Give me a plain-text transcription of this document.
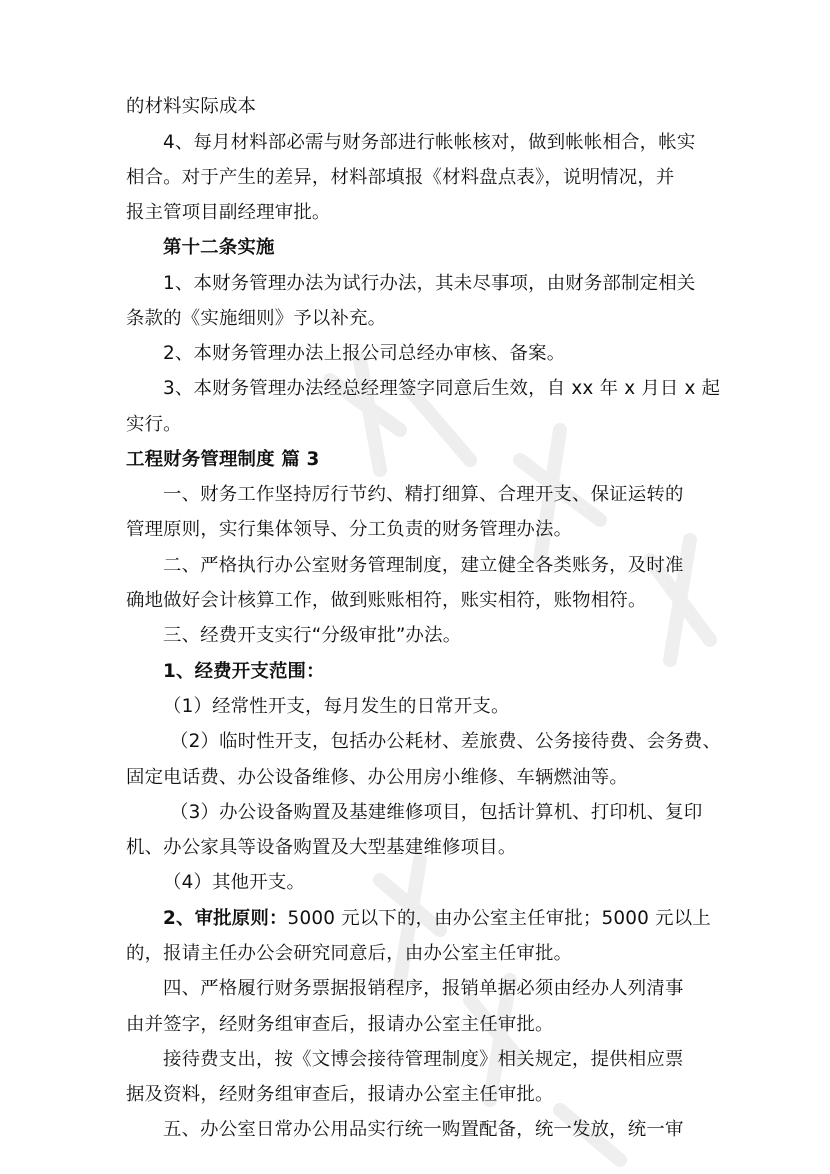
的材料实际成本
4、每月材料部必需与财务部进行帐帐核对，做到帐帐相合，帐实
相合。对于产生的差异，材料部填报《材料盘点表》，说明情况，并
报主管项目副经理审批。
第十二条实施
1、本财务管理办法为试行办法，其未尽事项，由财务部制定相关
条款的《实施细则》予以补充。
2、本财务管理办法上报公司总经办审核、备案。
3、本财务管理办法经总经理签字同意后生效，自 xx 年 x 月日 x 起
实行。
工程财务管理制度 篇 3
一、财务工作坚持厉行节约、精打细算、合理开支、保证运转的
管理原则，实行集体领导、分工负责的财务管理办法。
二、严格执行办公室财务管理制度，建立健全各类账务，及时准
确地做好会计核算工作，做到账账相符，账实相符，账物相符。
三、经费开支实行“分级审批”办法。
1、经费开支范围：
（1）经常性开支，每月发生的日常开支。
（2）临时性开支，包括办公耗材、差旅费、公务接待费、会务费、
固定电话费、办公设备维修、办公用房小维修、车辆燃油等。
（3）办公设备购置及基建维修项目，包括计算机、打印机、复印
机、办公家具等设备购置及大型基建维修项目。
（4）其他开支。
2、审批原则：5000 元以下的，由办公室主任审批；5000 元以上
的，报请主任办公会研究同意后，由办公室主任审批。
四、严格履行财务票据报销程序，报销单据必须由经办人列清事
由并签字，经财务组审查后，报请办公室主任审批。
接待费支出，按《文博会接待管理制度》相关规定，提供相应票
据及资料，经财务组审查后，报请办公室主任审批。
五、办公室日常办公用品实行统一购置配备，统一发放，统一审
